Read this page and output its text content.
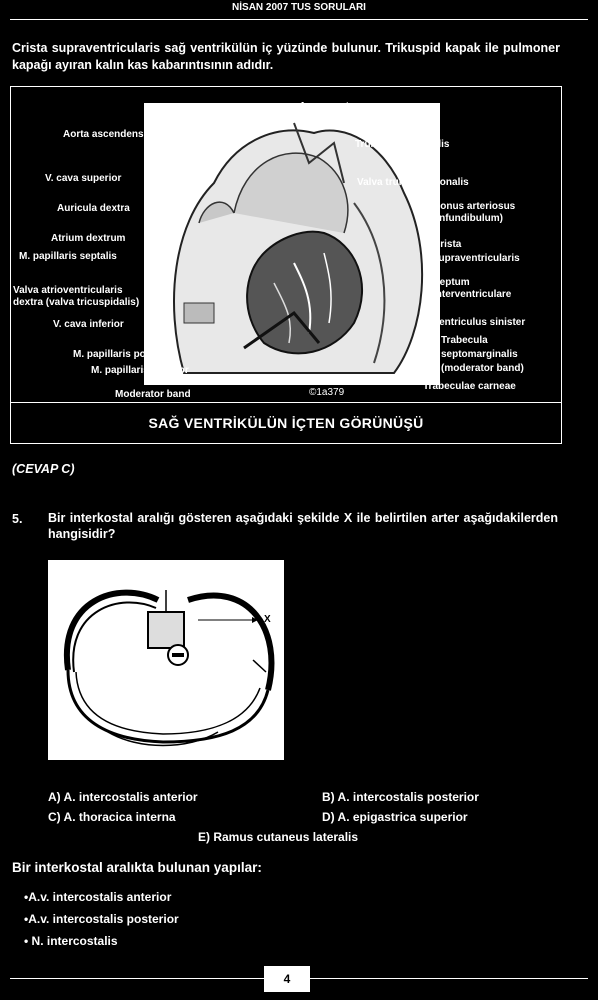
NİSAN 2007 TUS SORULARI
Crista supraventricularis sağ ventrikülün iç yüzünde bulunur. Trikuspid kapak ile pulmoner kapağı ayıran kalın kas kabarıntısının adıdır.
Arcus aortae
Truncus pulmonalis
Valva trunci pulmonalis
Aorta ascendens
V. cava superior
Auricula dextra
Atrium dextrum
M. papillaris septalis
Valva atrioventricularis
dextra (valva tricuspidalis)
V. cava inferior
M. papillaris posterior
M. papillaris anterior
Moderator band
Conus arteriosus
(infundibulum)
Crista
supraventricularis
Septum
interventriculare
Ventriculus sinister
Trabecula
septomarginalis
(moderator band)
Trabeculae carneae
©1a379
SAĞ VENTRİKÜLÜN İÇTEN GÖRÜNÜŞÜ
(CEVAP C)
5. Bir interkostal aralığı gösteren aşağıdaki şekilde X ile belirtilen arter aşağıdakilerden hangisidir?
X
A) A. intercostalis anterior	B) A. intercostalis posterior
C) A. thoracica interna	D) A. epigastrica superior
E) Ramus cutaneus lateralis
Bir interkostal aralıkta bulunan yapılar:
•A.v. intercostalis anterior
•A.v. intercostalis posterior
• N. intercostalis
4
